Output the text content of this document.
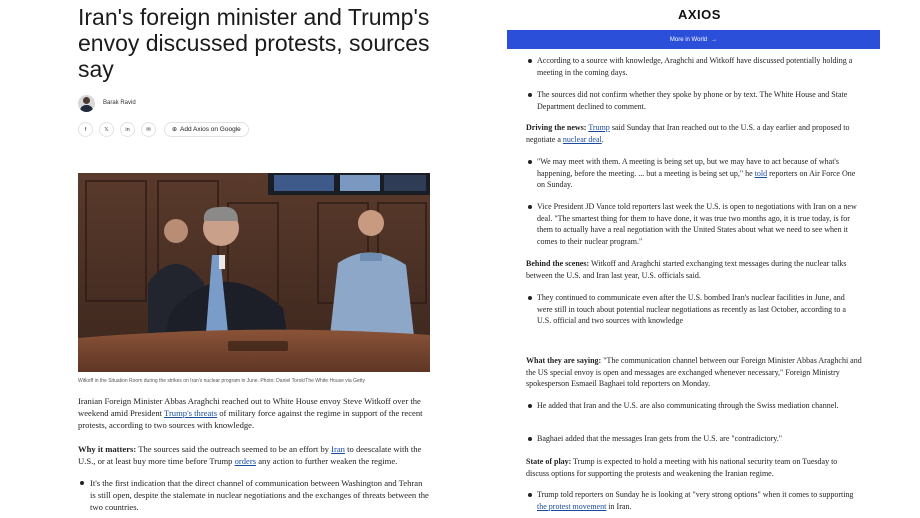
Iran's foreign minister and Trump's envoy discussed protests, sources say
Barak Ravid
f	𝕏	in	✉	⊕ Add Axios on Google
Witkoff in the Situation Room during the strikes on Iran's nuclear program in June. Photo: Daniel Torok/The White House via Getty

Iranian Foreign Minister Abbas Araghchi reached out to White House envoy Steve Witkoff over the weekend amid President Trump's threats of military force against the regime in support of the recent protests, according to two sources with knowledge.

Why it matters: The sources said the outreach seemed to be an effort by Iran to deescalate with the U.S., or at least buy more time before Trump orders any action to further weaken the regime.

It's the first indication that the direct channel of communication between Washington and Tehran is still open, despite the stalemate in nuclear negotiations and the exchanges of threats between the two countries.
AXIOS
More in World →
According to a source with knowledge, Araghchi and Witkoff have discussed potentially holding a meeting in the coming days.
The sources did not confirm whether they spoke by phone or by text. The White House and State Department declined to comment.

Driving the news: Trump said Sunday that Iran reached out to the U.S. a day earlier and proposed to negotiate a nuclear deal.

"We may meet with them. A meeting is being set up, but we may have to act because of what's happening, before the meeting. ... but a meeting is being set up," he told reporters on Air Force One on Sunday.
Vice President JD Vance told reporters last week the U.S. is open to negotiations with Iran on a new deal. "The smartest thing for them to have done, it was true two months ago, it is true today, is for them to actually have a real negotiation with the United States about what we need to see when it comes to their nuclear program."

Behind the scenes: Witkoff and Araghchi started exchanging text messages during the nuclear talks between the U.S. and Iran last year, U.S. officials said.

They continued to communicate even after the U.S. bombed Iran's nuclear facilities in June, and were still in touch about potential nuclear negotiations as recently as last October, according to a U.S. official and two sources with knowledge

What they are saying: "The communication channel between our Foreign Minister Abbas Araghchi and the US special envoy is open and messages are exchanged whenever necessary," Foreign Ministry spokesperson Esmaeil Baghaei told reporters on Monday.

He added that Iran and the U.S. are also communicating through the Swiss mediation channel.
Baghaei added that the messages Iran gets from the U.S. are "contradictory."

State of play: Trump is expected to hold a meeting with his national security team on Tuesday to discuss options for supporting the protests and weakening the Iranian regime.

Trump told reporters on Sunday he is looking at "very strong options" when it comes to supporting the protest movement in Iran.
